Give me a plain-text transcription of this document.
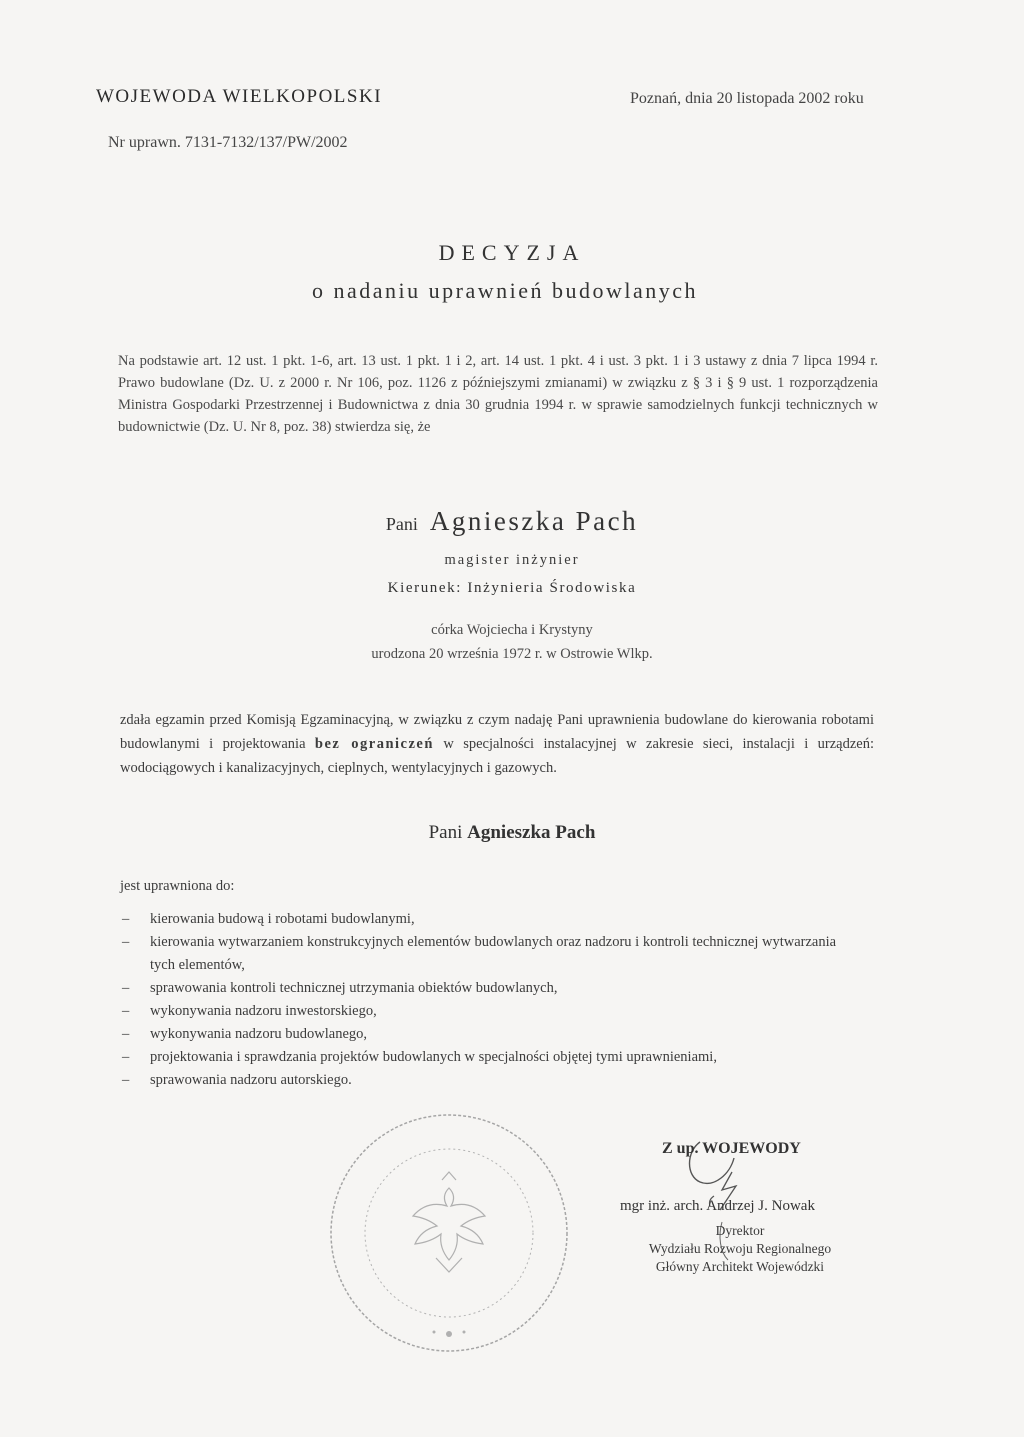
WOJEWODA WIELKOPOLSKI	Poznań, dnia 20 listopada 2002 roku
Nr uprawn. 7131-7132/137/PW/2002
DECYZJA
o nadaniu uprawnień budowlanych
Na podstawie art. 12 ust. 1 pkt. 1-6, art. 13 ust. 1 pkt. 1 i 2, art. 14 ust. 1 pkt. 4 i ust. 3 pkt. 1 i 3 ustawy z dnia 7 lipca 1994 r. Prawo budowlane (Dz. U. z 2000 r. Nr 106, poz. 1126 z późniejszymi zmianami) w związku z § 3 i § 9 ust. 1 rozporządzenia Ministra Gospodarki Przestrzennej i Budownictwa z dnia 30 grudnia 1994 r. w sprawie samodzielnych funkcji technicznych w budownictwie (Dz. U. Nr 8, poz. 38) stwierdza się, że
Pani Agnieszka Pach
magister inżynier
Kierunek: Inżynieria Środowiska
córka Wojciecha i Krystyny
urodzona 20 września 1972 r. w Ostrowie Wlkp.
zdała egzamin przed Komisją Egzaminacyjną, w związku z czym nadaję Pani uprawnienia budowlane do kierowania robotami budowlanymi i projektowania bez ograniczeń w specjalności instalacyjnej w zakresie sieci, instalacji i urządzeń: wodociągowych i kanalizacyjnych, cieplnych, wentylacyjnych i gazowych.
Pani Agnieszka Pach
jest uprawniona do:
– kierowania budową i robotami budowlanymi,
– kierowania wytwarzaniem konstrukcyjnych elementów budowlanych oraz nadzoru i kontroli technicznej wytwarzania tych elementów,
– sprawowania kontroli technicznej utrzymania obiektów budowlanych,
– wykonywania nadzoru inwestorskiego,
– wykonywania nadzoru budowlanego,
– projektowania i sprawdzania projektów budowlanych w specjalności objętej tymi uprawnieniami,
– sprawowania nadzoru autorskiego.
Z up. WOJEWODY
mgr inż. arch. Andrzej J. Nowak
Dyrektor
Wydziału Rozwoju Regionalnego
Główny Architekt Wojewódzki
